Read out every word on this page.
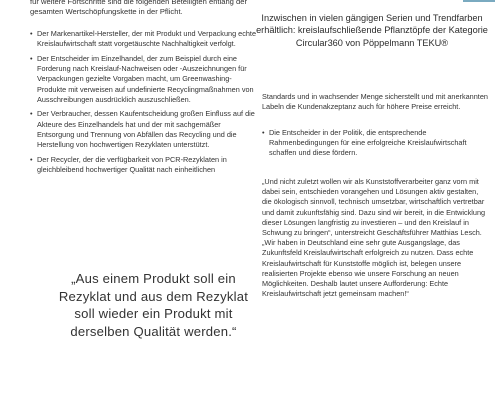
für weitere Fortschritte sind die folgenden Beteiligten entlang der gesamten Wertschöpfungskette in der Pflicht.
• Der Markenartikel-Hersteller, der mit Produkt und Verpackung echte Kreislaufwirtschaft statt vorgetäuschte Nachhaltigkeit verfolgt.
• Der Entscheider im Einzelhandel, der zum Beispiel durch eine Forderung nach Kreislauf-Nachweisen oder -Auszeichnungen für Verpackungen gezielte Vorgaben macht, um Greenwashing-Produkte mit verweisen auf undefinierte Recyclingmaßnahmen von Ausschreibungen ausdrücklich auszuschließen.
• Der Verbraucher, dessen Kaufentscheidung großen Einfluss auf die Akteure des Einzelhandels hat und der mit sachgemäßer Entsorgung und Trennung von Abfällen das Recycling und die Herstellung von hochwertigen Rezyklaten unterstützt.
• Der Recycler, der die verfügbarkeit von PCR-Rezyklaten in gleichbleibend hochwertiger Qualität nach einheitlichen
„Aus einem Produkt soll ein Rezyklat und aus dem Rezyklat soll wieder ein Produkt mit derselben Qualität werden.“
Inzwischen in vielen gängigen Serien und Trendfarben erhältlich: kreislaufschließende Pflanztöpfe der Kategorie Circular360 von Pöppelmann TEKU®
Standards und in wachsender Menge sicherstellt und mit anerkannten Labeln die Kundenakzeptanz auch für höhere Preise erreicht.
• Die Entscheider in der Politik, die entsprechende Rahmenbedingungen für eine erfolgreiche Kreislaufwirtschaft schaffen und diese fördern.

„Und nicht zuletzt wollen wir als Kunststoffverarbeiter ganz vorn mit dabei sein, entschieden vorangehen und Lösungen aktiv gestalten, die ökologisch sinnvoll, technisch umsetzbar, wirtschaftlich vertretbar und damit zukunftsfähig sind. Dazu sind wir bereit, in die Entwicklung dieser Lösungen langfristig zu investieren – und den Kreislauf in Schwung zu bringen“, unterstreicht Geschäftsführer Matthias Lesch.

„Wir haben in Deutschland eine sehr gute Ausgangslage, das Zukunftsfeld Kreislaufwirtschaft erfolgreich zu nutzen. Dass echte Kreislaufwirtschaft für Kunststoffe möglich ist, belegen unsere realisierten Projekte ebenso wie unsere Forschung an neuen Möglichkeiten. Deshalb lautet unsere Aufforderung: Echte Kreislaufwirtschaft jetzt gemeinsam machen!“
